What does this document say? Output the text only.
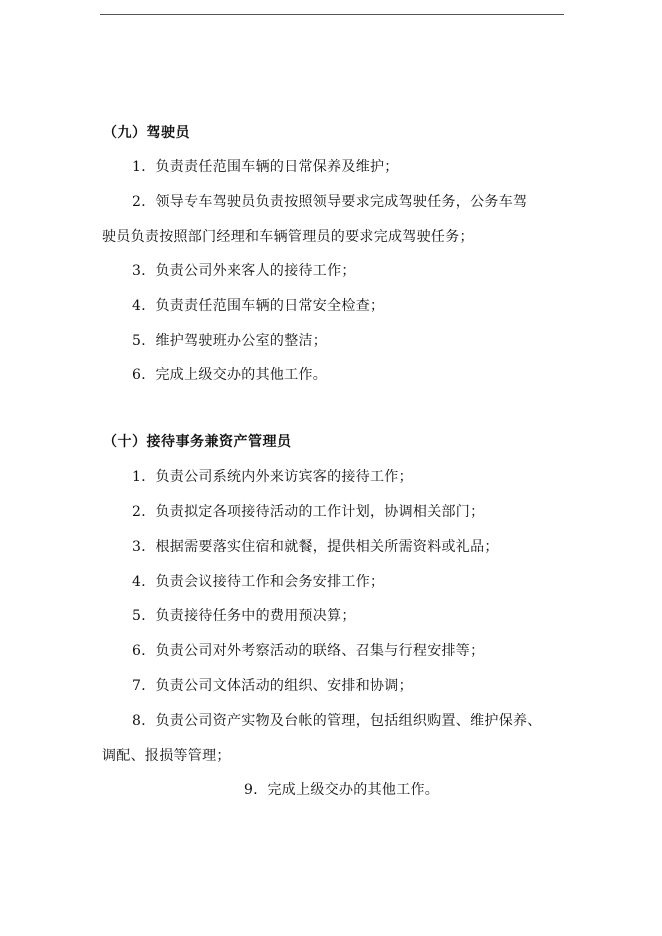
（九）驾驶员
1．负责责任范围车辆的日常保养及维护；
2．领导专车驾驶员负责按照领导要求完成驾驶任务，公务车驾
驶员负责按照部门经理和车辆管理员的要求完成驾驶任务；
3．负责公司外来客人的接待工作；
4．负责责任范围车辆的日常安全检查；
5．维护驾驶班办公室的整洁；
6．完成上级交办的其他工作。
（十）接待事务兼资产管理员
1．负责公司系统内外来访宾客的接待工作；
2．负责拟定各项接待活动的工作计划，协调相关部门；
3．根据需要落实住宿和就餐，提供相关所需资料或礼品；
4．负责会议接待工作和会务安排工作；
5．负责接待任务中的费用预决算；
6．负责公司对外考察活动的联络、召集与行程安排等；
7．负责公司文体活动的组织、安排和协调；
8．负责公司资产实物及台帐的管理，包括组织购置、维护保养、
调配、报损等管理；
9．完成上级交办的其他工作。
